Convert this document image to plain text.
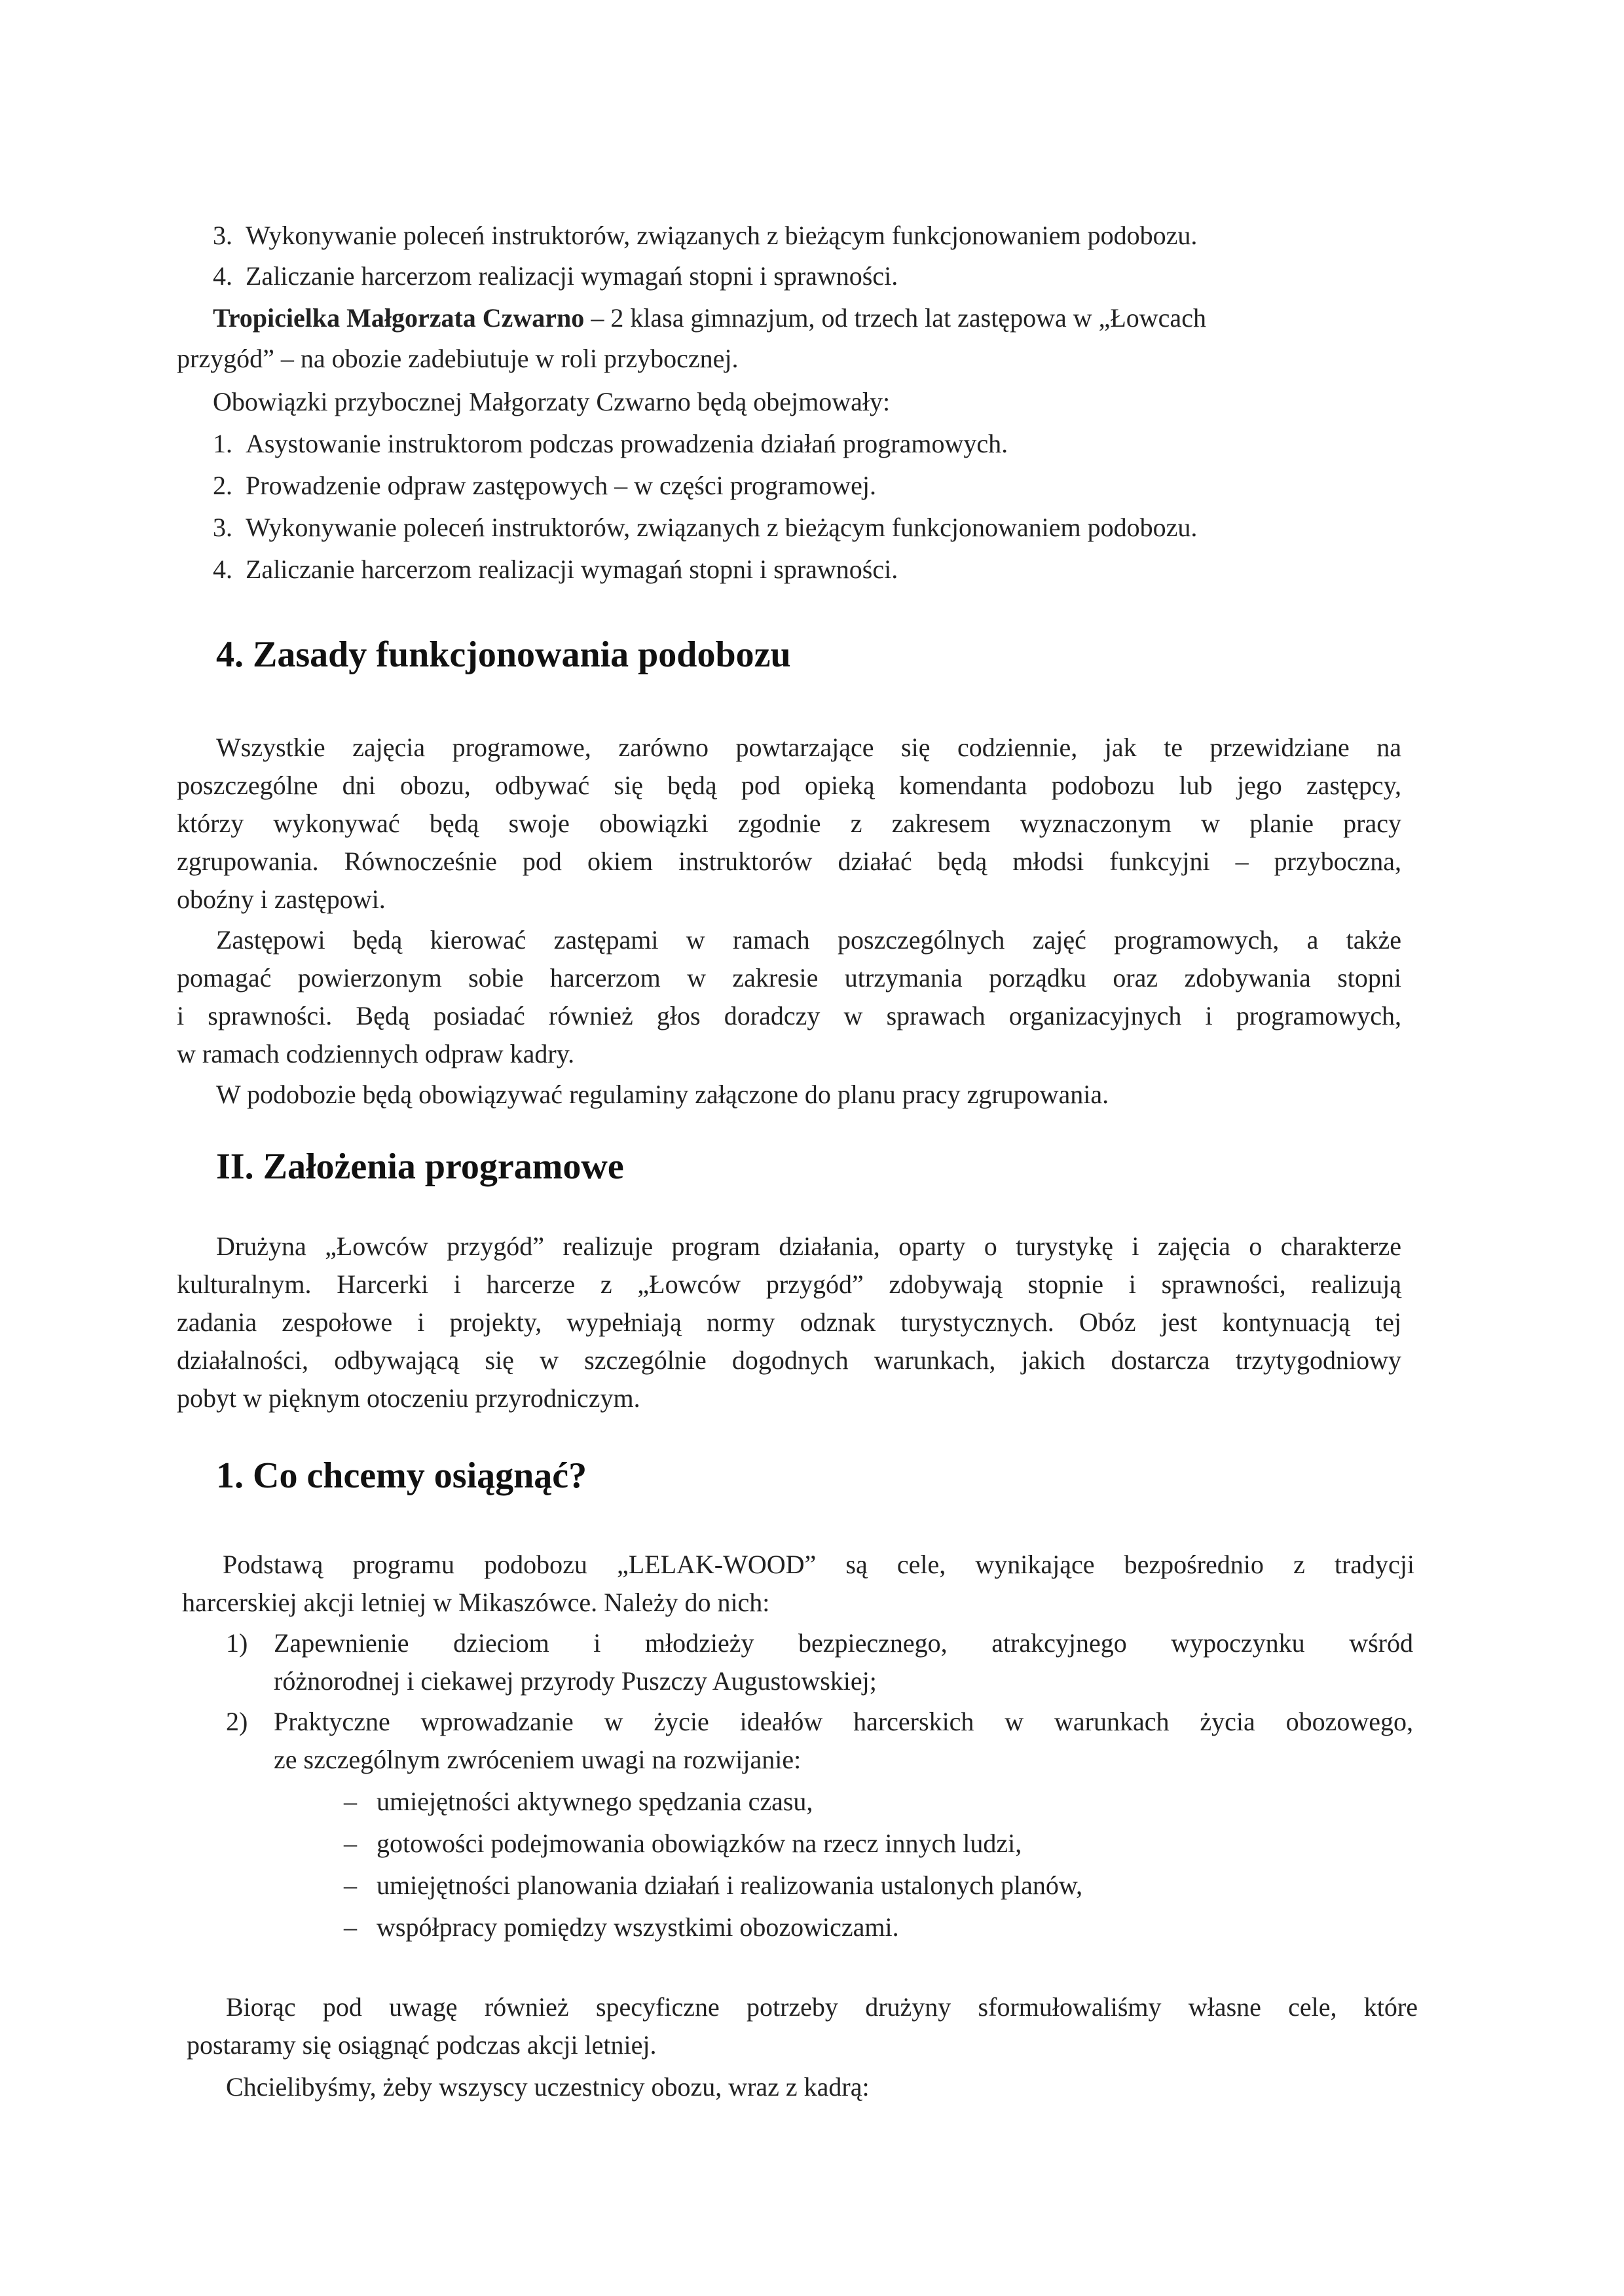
3.  Wykonywanie poleceń instruktorów, związanych z bieżącym funkcjonowaniem podobozu.
4.  Zaliczanie harcerzom realizacji wymagań stopni i sprawności.
Tropicielka Małgorzata Czwarno – 2 klasa gimnazjum, od trzech lat zastępowa w „Łowcach
przygód” – na obozie zadebiutuje w roli przybocznej.
Obowiązki przybocznej Małgorzaty Czwarno będą obejmowały:
1.  Asystowanie instruktorom podczas prowadzenia działań programowych.
2.  Prowadzenie odpraw zastępowych – w części programowej.
3.  Wykonywanie poleceń instruktorów, związanych z bieżącym funkcjonowaniem podobozu.
4.  Zaliczanie harcerzom realizacji wymagań stopni i sprawności.
4. Zasady funkcjonowania podobozu
Wszystkie zajęcia programowe, zarówno powtarzające się codziennie, jak te przewidziane na
poszczególne dni obozu, odbywać się będą pod opieką komendanta podobozu lub jego zastępcy,
którzy wykonywać będą swoje obowiązki zgodnie z zakresem wyznaczonym w planie pracy
zgrupowania. Równocześnie pod okiem instruktorów działać będą młodsi funkcyjni – przyboczna,
oboźny i zastępowi.
Zastępowi będą kierować zastępami w ramach poszczególnych zajęć programowych, a także
pomagać powierzonym sobie harcerzom w zakresie utrzymania porządku oraz zdobywania stopni
i sprawności. Będą posiadać również głos doradczy w sprawach organizacyjnych i programowych,
w ramach codziennych odpraw kadry.
W podobozie będą obowiązywać regulaminy załączone do planu pracy zgrupowania.
II. Założenia programowe
Drużyna „Łowców przygód” realizuje program działania, oparty o turystykę i zajęcia o charakterze
kulturalnym. Harcerki i harcerze z „Łowców przygód” zdobywają stopnie i sprawności, realizują
zadania zespołowe i projekty, wypełniają normy odznak turystycznych. Obóz jest kontynuacją tej
działalności, odbywającą się w szczególnie dogodnych warunkach, jakich dostarcza trzytygodniowy
pobyt w pięknym otoczeniu przyrodniczym.
1. Co chcemy osiągnąć?
Podstawą programu podobozu „LELAK-WOOD” są cele, wynikające bezpośrednio z tradycji
harcerskiej akcji letniej w Mikaszówce. Należy do nich:
1) Zapewnienie dzieciom i młodzieży bezpiecznego, atrakcyjnego wypoczynku wśród
różnorodnej i ciekawej przyrody Puszczy Augustowskiej;
2) Praktyczne wprowadzanie w życie ideałów harcerskich w warunkach życia obozowego,
ze szczególnym zwróceniem uwagi na rozwijanie:
–   umiejętności aktywnego spędzania czasu,
–   gotowości podejmowania obowiązków na rzecz innych ludzi,
–   umiejętności planowania działań i realizowania ustalonych planów,
–   współpracy pomiędzy wszystkimi obozowiczami.
Biorąc pod uwagę również specyficzne potrzeby drużyny sformułowaliśmy własne cele, które
postaramy się osiągnąć podczas akcji letniej.
Chcielibyśmy, żeby wszyscy uczestnicy obozu, wraz z kadrą:
